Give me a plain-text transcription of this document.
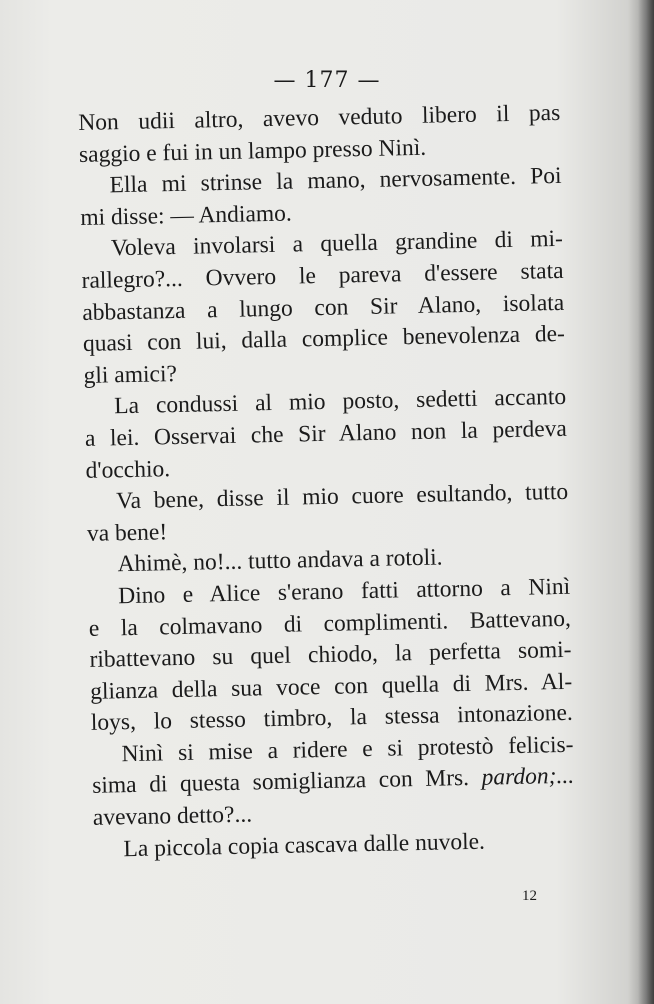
— 177 —
Non udii altro, avevo veduto libero il pas
saggio e fui in un lampo presso Ninì.
Ella mi strinse la mano, nervosamente. Poi
mi disse: — Andiamo.
Voleva involarsi a quella grandine di mi-
rallegro?... Ovvero le pareva d'essere stata
abbastanza a lungo con Sir Alano, isolata
quasi con lui, dalla complice benevolenza de-
gli amici?
La condussi al mio posto, sedetti accanto
a lei. Osservai che Sir Alano non la perdeva
d'occhio.
Va bene, disse il mio cuore esultando, tutto
va bene!
Ahimè, no!... tutto andava a rotoli.
Dino e Alice s'erano fatti attorno a Ninì
e la colmavano di complimenti. Battevano,
ribattevano su quel chiodo, la perfetta somi-
glianza della sua voce con quella di Mrs. Al-
loys, lo stesso timbro, la stessa intonazione.
Ninì si mise a ridere e si protestò felicis-
sima di questa somiglianza con Mrs. pardon;...
avevano detto?...
La piccola copia cascava dalle nuvole.
12
